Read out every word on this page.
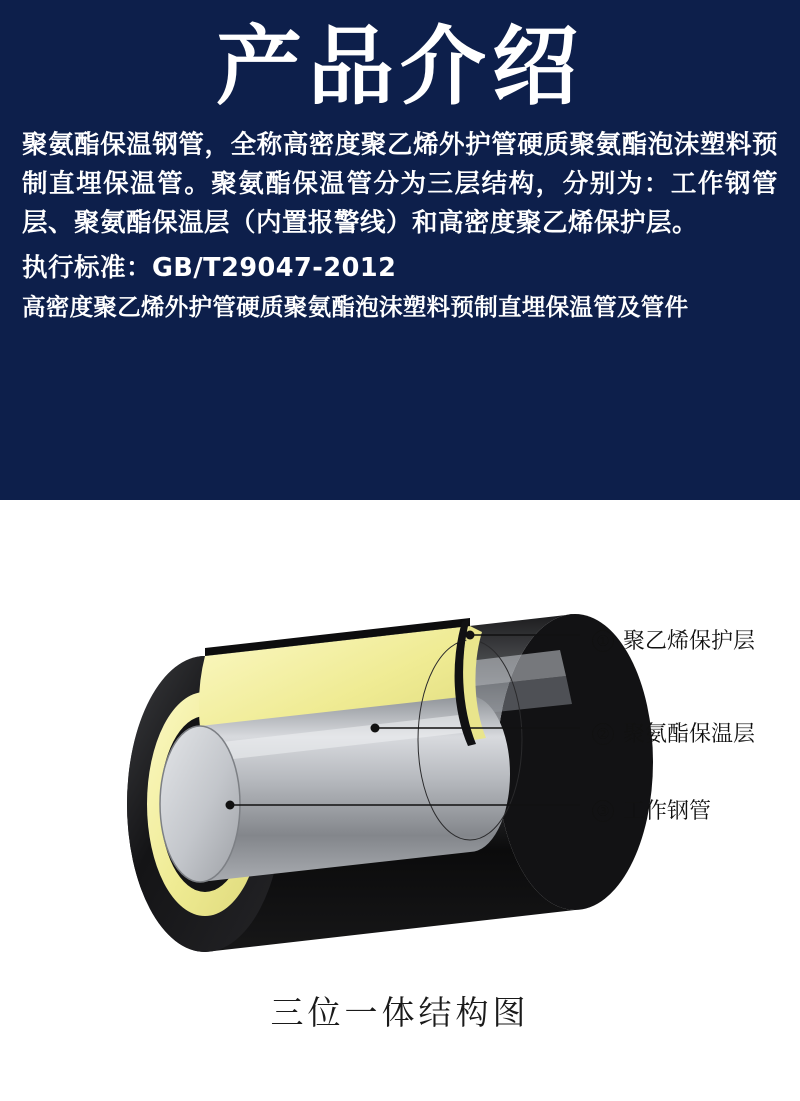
产品介绍
聚氨酯保温钢管，全称高密度聚乙烯外护管硬质聚氨酯泡沫塑料预制直埋保温管。聚氨酯保温管分为三层结构，分别为：工作钢管层、聚氨酯保温层（内置报警线）和高密度聚乙烯保护层。
执行标准：GB/T29047-2012
高密度聚乙烯外护管硬质聚氨酯泡沫塑料预制直埋保温管及管件
① 聚乙烯保护层
② 聚氨酯保温层
③ 工作钢管
三位一体结构图
